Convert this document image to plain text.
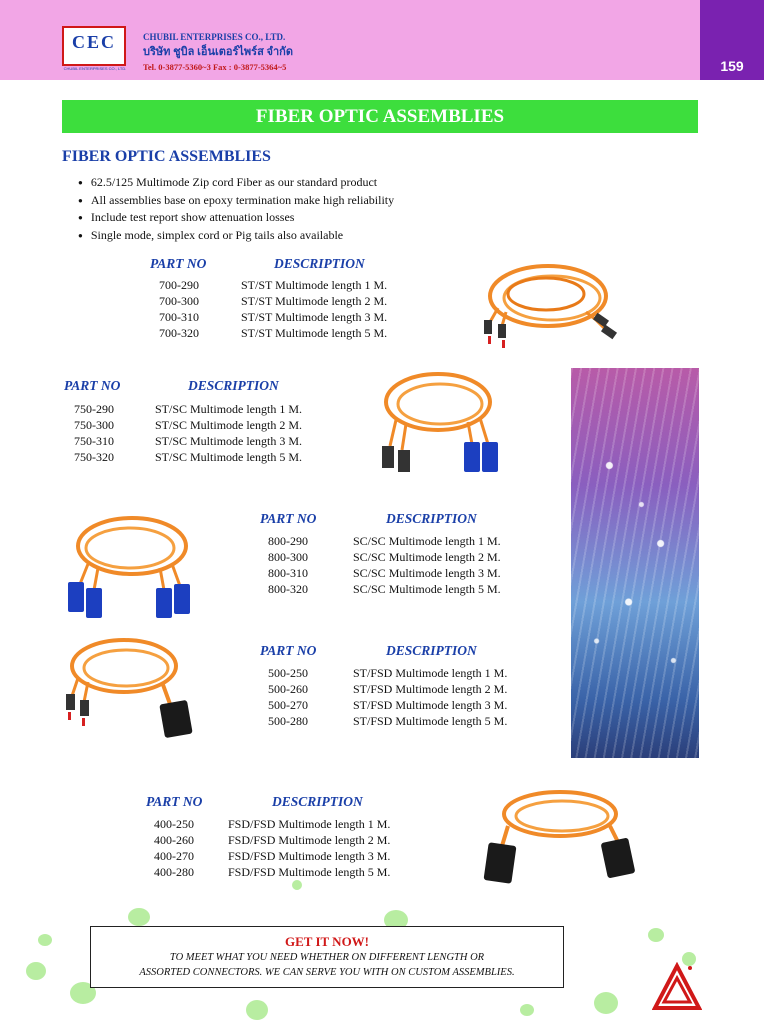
159
CEC
CHUBIL ENTERPRISES CO., LTD.
CHUBIL ENTERPRISES CO., LTD.
บริษัท ชูบิล เอ็นเตอร์ไพร์ส จำกัด
Tel. 0-3877-5360~3 Fax : 0-3877-5364~5
FIBER OPTIC ASSEMBLIES
FIBER OPTIC ASSEMBLIES
● 62.5/125 Multimode Zip cord Fiber as our standard product
● All assemblies base on epoxy termination make high reliability
● Include test report show attenuation losses
● Single mode, simplex cord or Pig tails also available
PART NO	DESCRIPTION
700-290	ST/ST Multimode length 1 M.
700-300	ST/ST Multimode length 2 M.
700-310	ST/ST Multimode length 3 M.
700-320	ST/ST Multimode length 5 M.
PART NO	DESCRIPTION
750-290	ST/SC Multimode length 1 M.
750-300	ST/SC Multimode length 2 M.
750-310	ST/SC Multimode length 3 M.
750-320	ST/SC Multimode length 5 M.
PART NO	DESCRIPTION
800-290	SC/SC Multimode length 1 M.
800-300	SC/SC Multimode length 2 M.
800-310	SC/SC Multimode length 3 M.
800-320	SC/SC Multimode length 5 M.
PART NO	DESCRIPTION
500-250	ST/FSD Multimode length 1 M.
500-260	ST/FSD Multimode length 2 M.
500-270	ST/FSD Multimode length 3 M.
500-280	ST/FSD Multimode length 5 M.
PART NO	DESCRIPTION
400-250	FSD/FSD Multimode length 1 M.
400-260	FSD/FSD Multimode length 2 M.
400-270	FSD/FSD Multimode length 3 M.
400-280	FSD/FSD Multimode length 5 M.
GET IT NOW!
TO MEET WHAT YOU NEED WHETHER ON DIFFERENT LENGTH OR
ASSORTED CONNECTORS. WE CAN SERVE YOU WITH ON CUSTOM ASSEMBLIES.
